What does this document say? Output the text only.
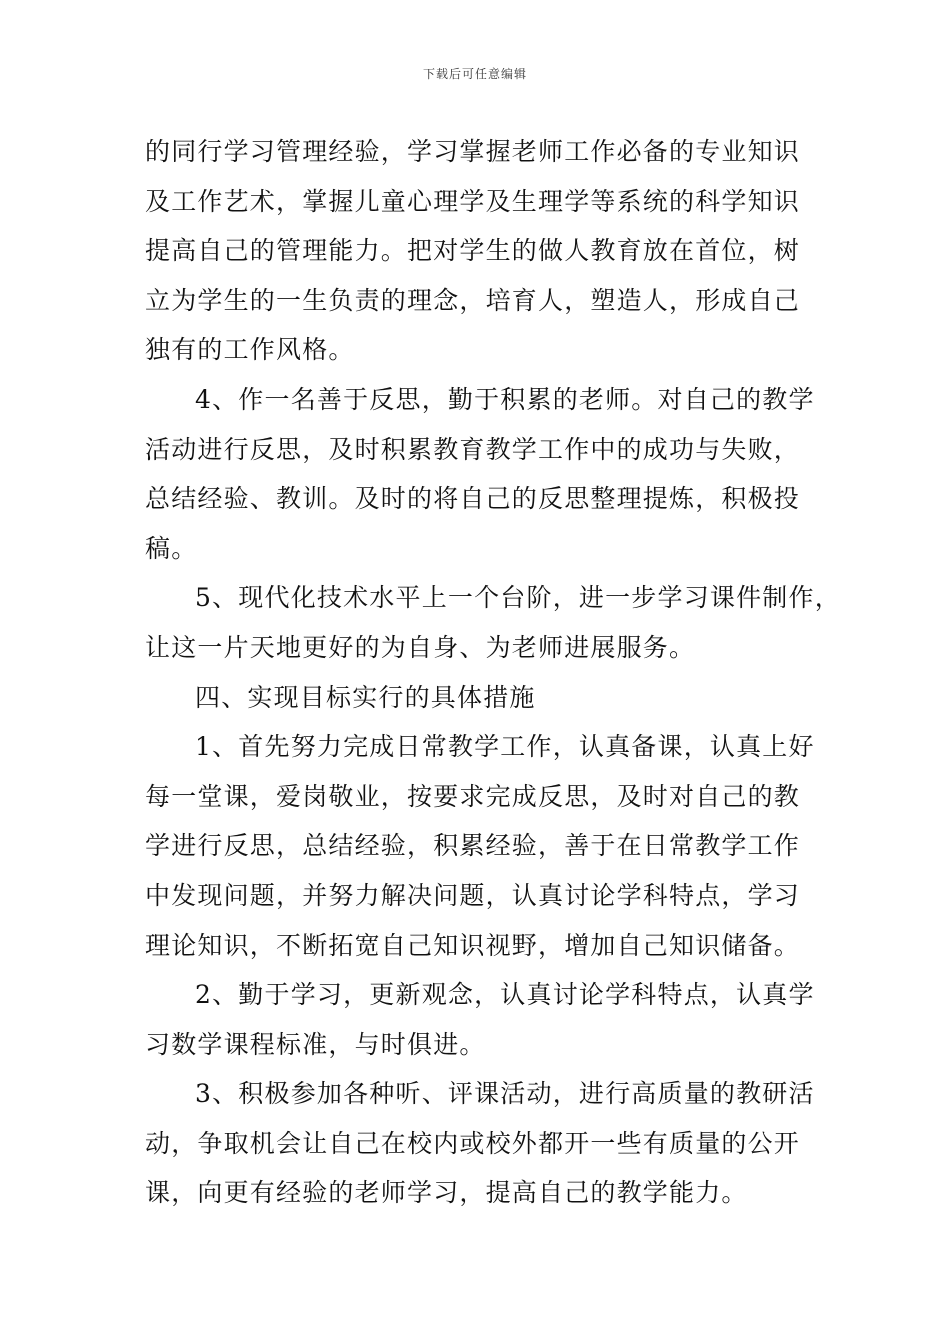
下载后可任意编辑
的同行学习管理经验，学习掌握老师工作必备的专业知识
及工作艺术，掌握儿童心理学及生理学等系统的科学知识
提高自己的管理能力。把对学生的做人教育放在首位，树
立为学生的一生负责的理念，培育人，塑造人，形成自己
独有的工作风格。
4、作一名善于反思，勤于积累的老师。对自己的教学
活动进行反思，及时积累教育教学工作中的成功与失败，
总结经验、教训。及时的将自己的反思整理提炼，积极投
稿。
5、现代化技术水平上一个台阶，进一步学习课件制作，
让这一片天地更好的为自身、为老师进展服务。
四、实现目标实行的具体措施
1、首先努力完成日常教学工作，认真备课，认真上好
每一堂课，爱岗敬业，按要求完成反思，及时对自己的教
学进行反思，总结经验，积累经验，善于在日常教学工作
中发现问题，并努力解决问题，认真讨论学科特点，学习
理论知识，不断拓宽自己知识视野，增加自己知识储备。
2、勤于学习，更新观念，认真讨论学科特点，认真学
习数学课程标准，与时俱进。
3、积极参加各种听、评课活动，进行高质量的教研活
动，争取机会让自己在校内或校外都开一些有质量的公开
课，向更有经验的老师学习，提高自己的教学能力。
